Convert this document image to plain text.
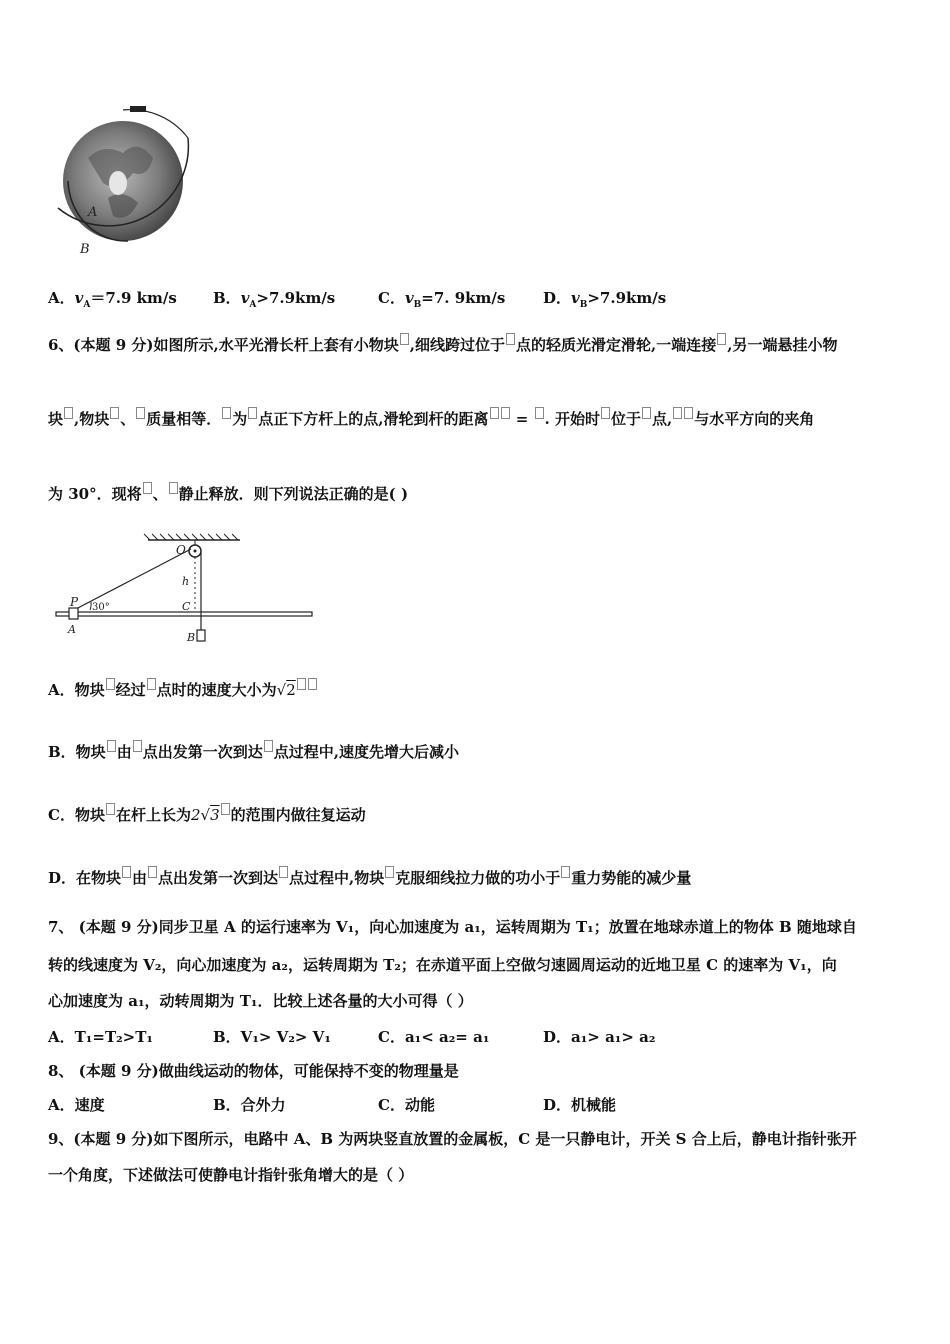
A
B
A．$v_A=7.9$ km/s B．$v_A>7.9km/s$	C．$v_B=7$. 9km/s	D．$v_B>7.9km/s$
6、(本题 9 分)如图所示,水平光滑长杆上套有小物块 ,细线跨过位于 点的轻质光滑定滑轮,一端连接 ,另一端悬挂小物
块 ,物块 、 质量相等． 为 点正下方杆上的点,滑轮到杆的距离 = . 开始时 位于 点, 与水平方向的夹角
为 30°．现将 、 静止释放．则下列说法正确的是( )
O
P 30°
h
C
A
B
A．物块 经过 点时的速度大小为√2
B．物块 由 点出发第一次到达 点过程中,速度先增大后减小
C．物块 在杆上长为2√3 的范围内做往复运动
D．在物块 由 点出发第一次到达 点过程中,物块 克服细线拉力做的功小于 重力势能的减少量
7、 (本题 9 分)同步卫星 A 的运行速率为 V₁，向心加速度为 a₁，运转周期为 T₁；放置在地球赤道上的物体 B 随地球自
转的线速度为 V₂，向心加速度为 a₂，运转周期为 T₂；在赤道平面上空做匀速圆周运动的近地卫星 C 的速率为 V₁，向
心加速度为 a₁，动转周期为 T₁．比较上述各量的大小可得（ ）
A．T₁=T₂>T₁	B．V₁> V₂> V₁	C．a₁< a₂= a₁	D．a₁> a₁> a₂
8、 (本题 9 分)做曲线运动的物体，可能保持不变的物理量是
A．速度	B．合外力	C．动能	D．机械能
9、(本题 9 分)如下图所示，电路中 A、B 为两块竖直放置的金属板，C 是一只静电计，开关 S 合上后，静电计指针张开
一个角度，下述做法可使静电计指针张角增大的是（ ）
